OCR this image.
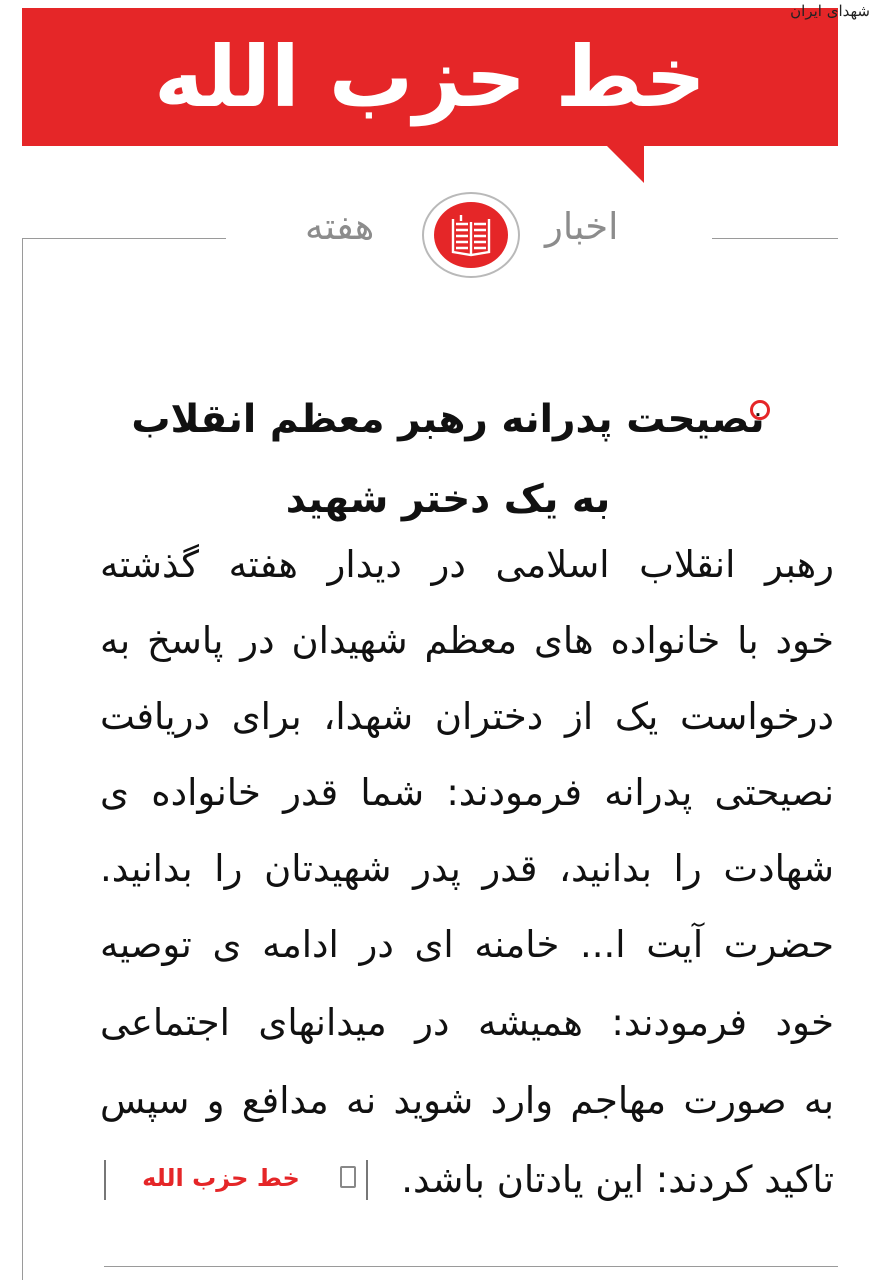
خط حزب الله
شهدای ایران
اخبار
هفته
نصیحت پدرانه رهبر معظم انقلاب
به یک دختر شهید
رهبر انقلاب اسلامی در دیدار هفته گذشته
خود با خانواده های معظم شهیدان در پاسخ به
درخواست یک از دختران شهدا، برای دریافت
نصیحتی پدرانه فرمودند: شما قدر خانواده ی
شهادت را بدانید، قدر پدر شهیدتان را بدانید.
حضرت آیت ا... خامنه ای در ادامه ی توصیه
خود فرمودند: همیشه در میدانهای اجتماعی
به صورت مهاجم وارد شوید نه مدافع و سپس
تاکید کردند: این یادتان باشد.
خط حزب الله
